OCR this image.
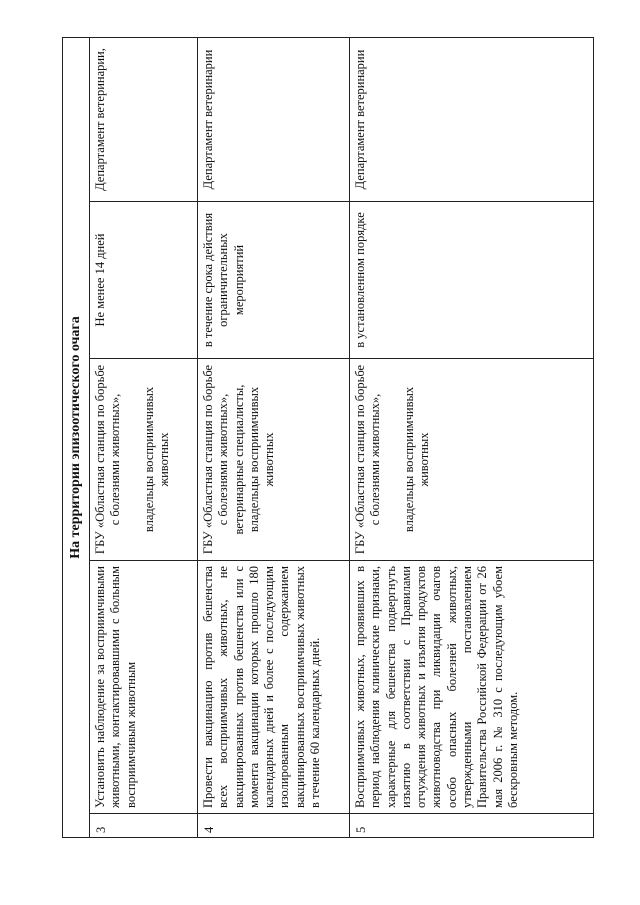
На территории эпизоотического очага				
3	Установить наблюдение за восприимчивыми животными, контактировавшими с больным восприимчивым животным	ГБУ «Областная станция по борьбе с болезнями животных», владельцы восприимчивых животных	Не менее 14 дней	Департамент ветеринарии,
4	Провести вакцинацию против бешенства всех восприимчивых животных, не вакцинированных против бешенства или с момента вакцинации которых прошло 180 календарных дней и более с последующим изолированным содержанием вакцинированных восприимчивых животных в течение 60 календарных дней.	ГБУ «Областная станция по борьбе с болезнями животных», ветеринарные специалисты, владельцы восприимчивых животных	в течение срока действия ограничительных мероприятий	Департамент ветеринарии
5	Восприимчивых животных, проявивших в период наблюдения клинические признаки, характерные для бешенства подвергнуть изъятию в соответствии с Правилами отчуждения животных и изъятия продуктов животноводства при ликвидации очагов особо опасных болезней животных, утвержденными постановлением Правительства Российской Федерации от 26 мая 2006 г. № 310 с последующим убоем бескровным методом.	ГБУ «Областная станция по борьбе с болезнями животных», владельцы восприимчивых животных	в установленном порядке	Департамент ветеринарии
